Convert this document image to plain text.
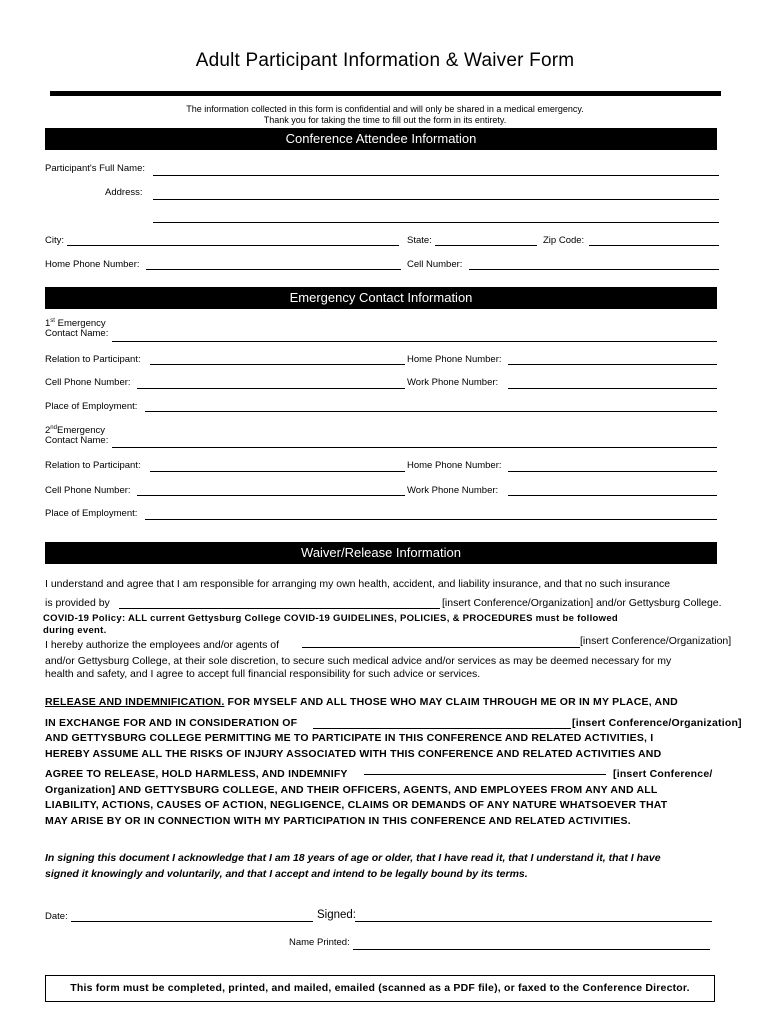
Adult Participant Information & Waiver Form
The information collected in this form is confidential and will only be shared in a medical emergency.
Thank you for taking the time to fill out the form in its entirety.
Conference Attendee Information
Participant's Full Name:
Address:
City:	State:	Zip Code:
Home Phone Number:	Cell Number:
Emergency Contact Information
1st Emergency
Contact Name:
Relation to Participant:	Home Phone Number:
Cell Phone Number:	Work Phone Number:
Place of Employment:
2ndEmergency
Contact Name:
Relation to Participant:	Home Phone Number:
Cell Phone Number:	Work Phone Number:
Place of Employment:
Waiver/Release Information
I understand and agree that I am responsible for arranging my own health, accident, and liability insurance, and that no such insurance
is provided by	[insert Conference/Organization] and/or Gettysburg College.
COVID-19 Policy: ALL current Gettysburg College COVID-19 GUIDELINES, POLICIES, & PROCEDURES must be followed
during event.
I hereby authorize the employees and/or agents of	[insert Conference/Organization]
and/or Gettysburg College, at their sole discretion, to secure such medical advice and/or services as may be deemed necessary for my
health and safety, and I agree to accept full financial responsibility for such advice or services.
RELEASE AND INDEMNIFICATION. FOR MYSELF AND ALL THOSE WHO MAY CLAIM THROUGH ME OR IN MY PLACE, AND
IN EXCHANGE FOR AND IN CONSIDERATION OF	[insert Conference/Organization]
AND GETTYSBURG COLLEGE PERMITTING ME TO PARTICIPATE IN THIS CONFERENCE AND RELATED ACTIVITIES, I
HEREBY ASSUME ALL THE RISKS OF INJURY ASSOCIATED WITH THIS CONFERENCE AND RELATED ACTIVITIES AND
AGREE TO RELEASE, HOLD HARMLESS, AND INDEMNIFY	[insert Conference/
Organization] AND GETTYSBURG COLLEGE, AND THEIR OFFICERS, AGENTS, AND EMPLOYEES FROM ANY AND ALL
LIABILITY, ACTIONS, CAUSES OF ACTION, NEGLIGENCE, CLAIMS OR DEMANDS OF ANY NATURE WHATSOEVER THAT
MAY ARISE BY OR IN CONNECTION WITH MY PARTICIPATION IN THIS CONFERENCE AND RELATED ACTIVITIES.
In signing this document I acknowledge that I am 18 years of age or older, that I have read it, that I understand it, that I have
signed it knowingly and voluntarily, and that I accept and intend to be legally bound by its terms.
Date:	Signed:
Name Printed:
This form must be completed, printed, and mailed, emailed (scanned as a PDF file), or faxed to the Conference Director.
